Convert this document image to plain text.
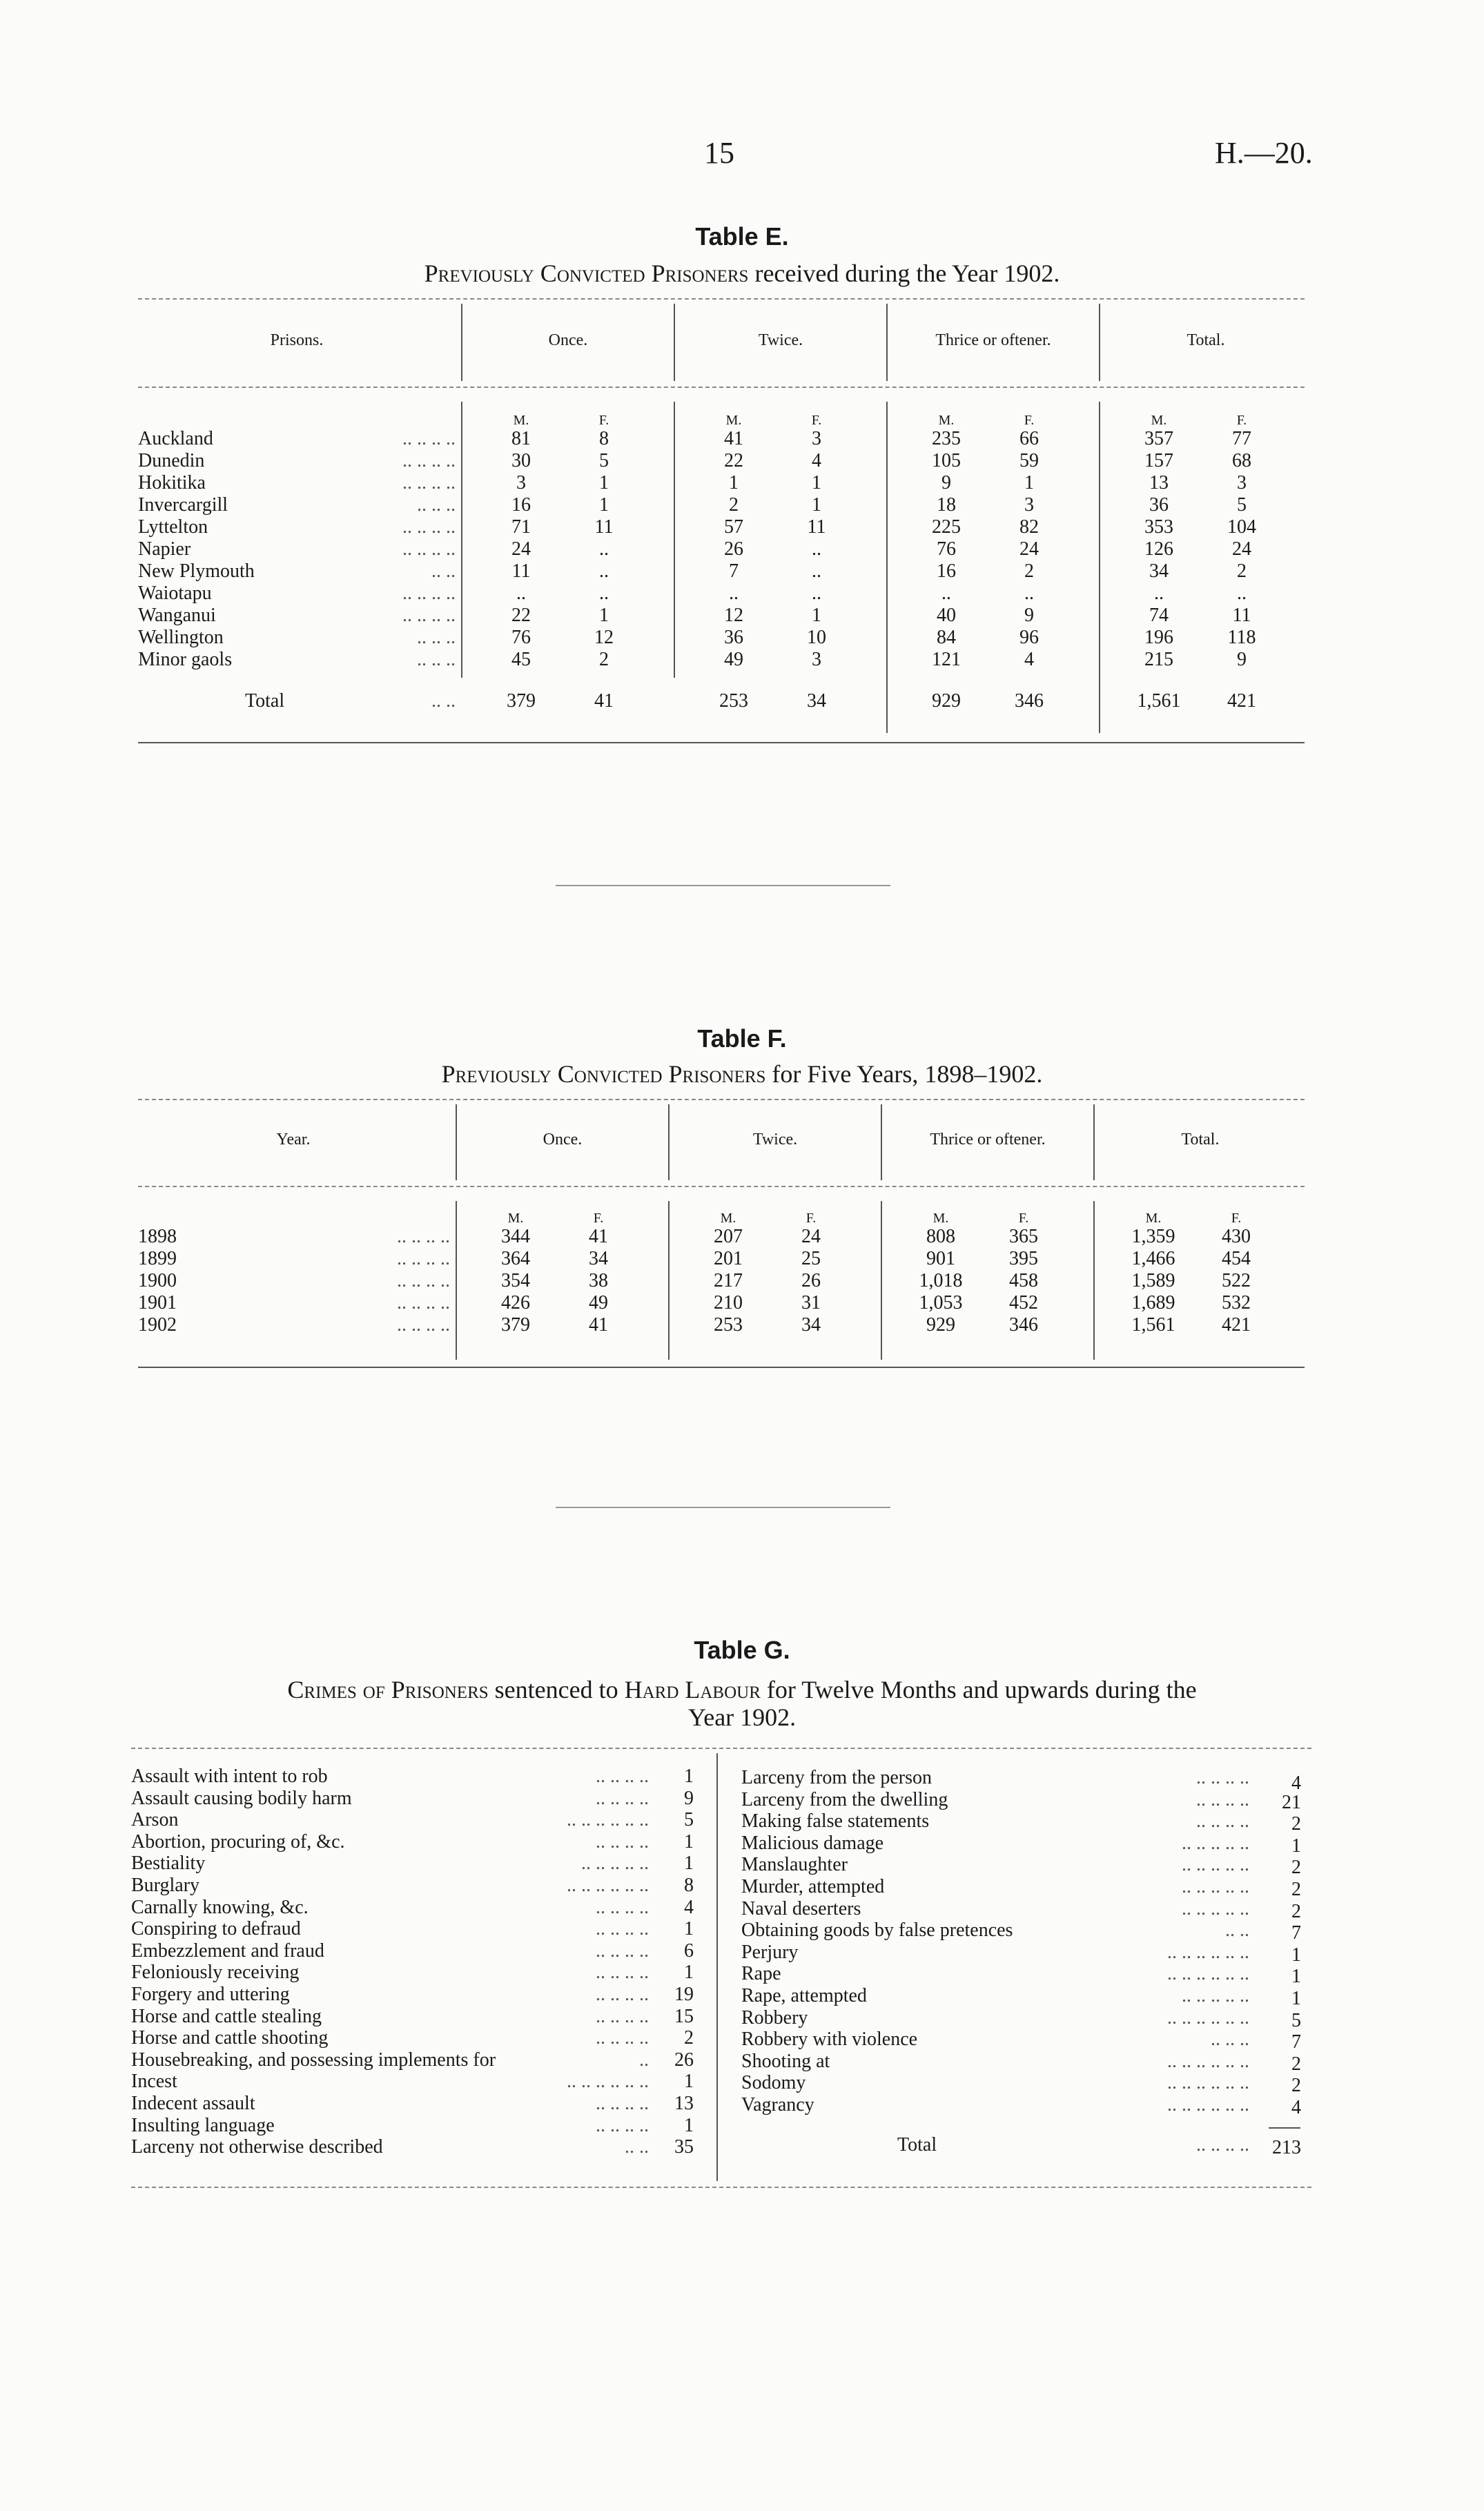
15	H.—20.
Table E.
Previously Convicted Prisoners received during the Year 1902.
Prisons.	Once.
M.	F.
Twice.
M.	F.
Thrice or oftener.
M.	F.
Total.
M.	F.
Auckland	.. .. .. ..	81	8	41	3	235	66	357	77
Dunedin	.. .. .. ..	30	5	22	4	105	59	157	68
Hokitika	.. .. .. ..	3	1	1	1	9	1	13	3
Invercargill	.. .. ..	16	1	2	1	18	3	36	5
Lyttelton	.. .. .. ..	71	11	57	11	225	82	353	104
Napier	.. .. .. ..	24	..	26	..	76	24	126	24
New Plymouth	.. ..	11	..	7	..	16	2	34	2
Waiotapu	.. .. .. ..	..	..	..	..	..	..	..	..
Wanganui	.. .. .. ..	22	1	12	1	40	9	74	11
Wellington	.. .. ..	76	12	36	10	84	96	196	118
Minor gaols	.. .. ..	45	2	49	3	121	4	215	9
Total	.. ..	379	41	253	34	929	346	1,561	421
Table F.
Previously Convicted Prisoners for Five Years, 1898–1902.
Year.	Once.
M.	F.
Twice.
M.	F.
Thrice or oftener.
M.	F.
Total.
M.	F.
1898	.. .. .. ..	344	41	207	24	808	365	1,359	430
1899	.. .. .. ..	364	34	201	25	901	395	1,466	454
1900	.. .. .. ..	354	38	217	26	1,018	458	1,589	522
1901	.. .. .. ..	426	49	210	31	1,053	452	1,689	532
1902	.. .. .. ..	379	41	253	34	929	346	1,561	421
Table G.
Crimes of Prisoners sentenced to Hard Labour for Twelve Months and upwards during the
Year 1902.
Assault with intent to rob	.. .. .. ..	1
Assault causing bodily harm	.. .. .. ..	9
Arson	.. .. .. .. .. ..	5
Abortion, procuring of, &c.	.. .. .. ..	1
Bestiality	.. .. .. .. ..	1
Burglary	.. .. .. .. .. ..	8
Carnally knowing, &c.	.. .. .. ..	4
Conspiring to defraud	.. .. .. ..	1
Embezzlement and fraud	.. .. .. ..	6
Feloniously receiving	.. .. .. ..	1
Forgery and uttering	.. .. .. ..	19
Horse and cattle stealing	.. .. .. ..	15
Horse and cattle shooting	.. .. .. ..	2
Housebreaking, and possessing implements for	..	26
Incest	.. .. .. .. .. ..	1
Indecent assault	.. .. .. ..	13
Insulting language	.. .. .. ..	1
Larceny not otherwise described	.. ..	35
Larceny from the person	.. .. .. ..	4
Larceny from the dwelling	.. .. .. ..	21
Making false statements	.. .. .. ..	2
Malicious damage	.. .. .. .. ..	1
Manslaughter	.. .. .. .. ..	2
Murder, attempted	.. .. .. .. ..	2
Naval deserters	.. .. .. .. ..	2
Obtaining goods by false pretences	.. ..	7
Perjury	.. .. .. .. .. ..	1
Rape	.. .. .. .. .. ..	1
Rape, attempted	.. .. .. .. ..	1
Robbery	.. .. .. .. .. ..	5
Robbery with violence	.. .. ..	7
Shooting at	.. .. .. .. .. ..	2
Sodomy	.. .. .. .. .. ..	2
Vagrancy	.. .. .. .. .. ..	4
Total	.. .. .. ..	213
